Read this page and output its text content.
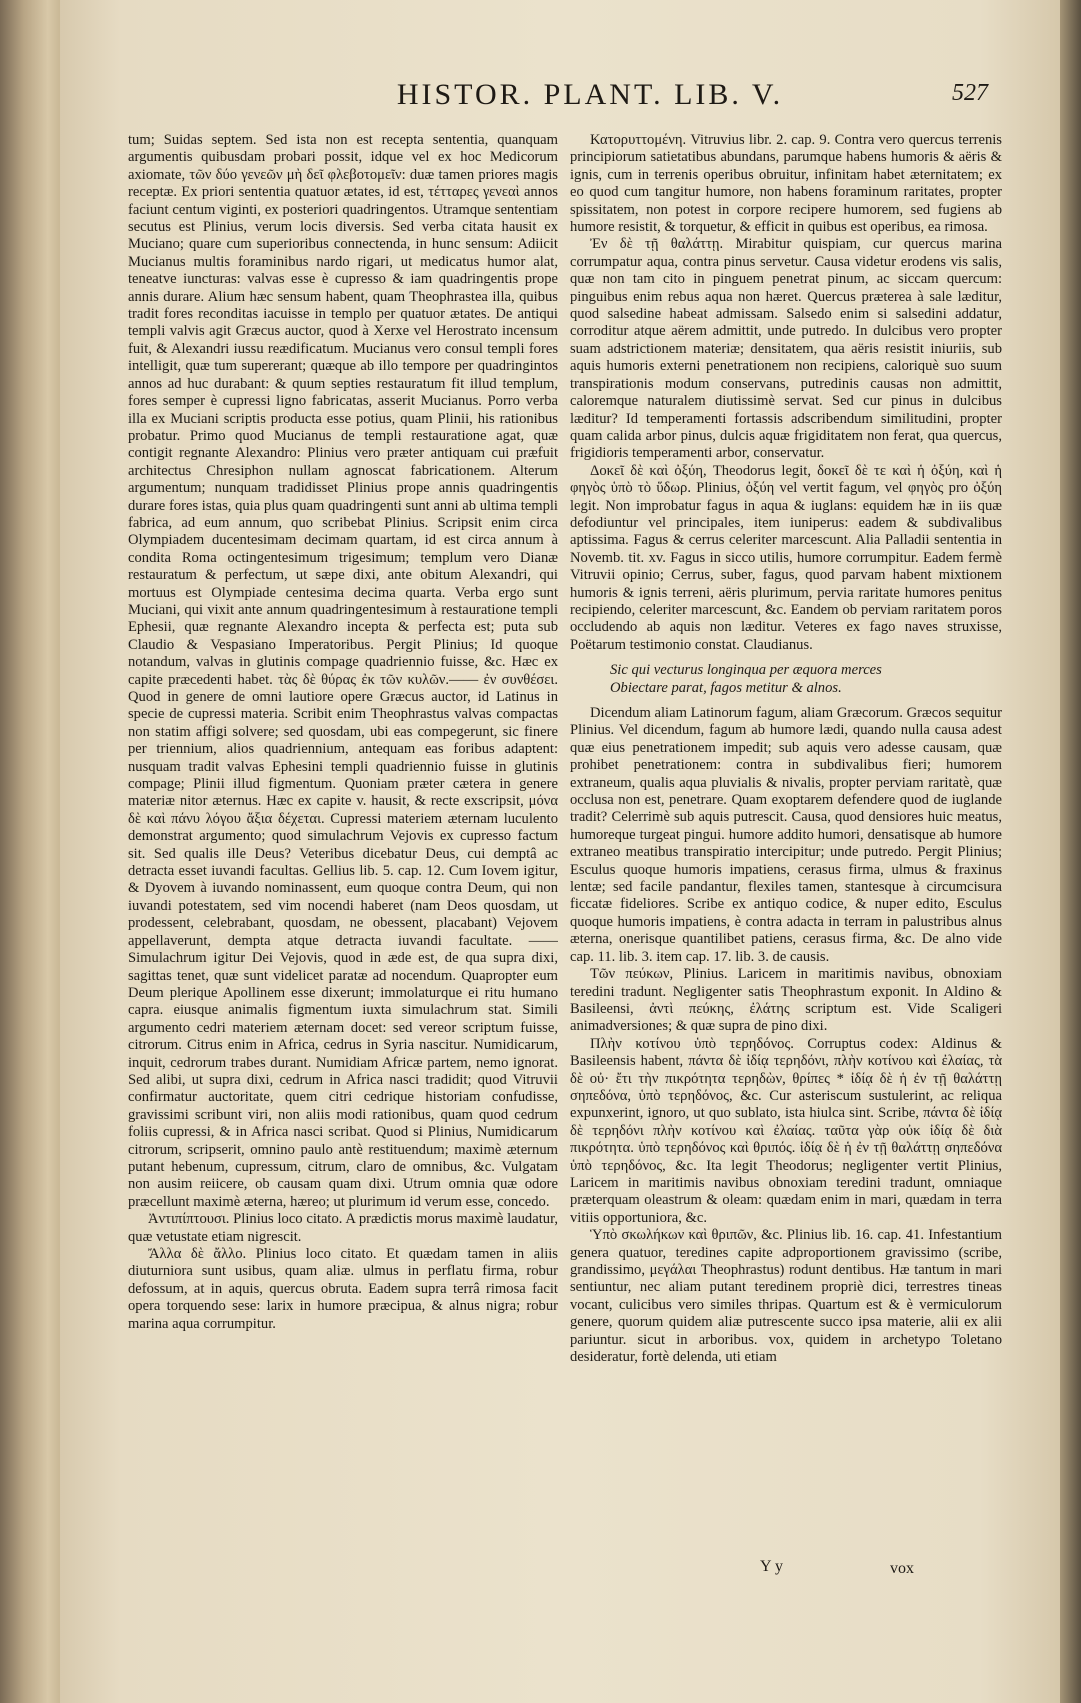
HISTOR. PLANT. LIB. V.	527

tum; Suidas septem. Sed ista non est recepta sententia, quanquam argumentis quibusdam probari possit, idque vel ex hoc Medicorum axiomate, τῶν δύο γενεῶν μὴ δεῖ φλεβοτομεῖν: duæ tamen priores magis receptæ. Ex priori sententia quatuor ætates, id est, τέτταρες γενεαὶ annos faciunt centum viginti, ex posteriori quadringentos. Utramque sententiam secutus est Plinius, verum locis diversis. Sed verba citata hausit ex Muciano; quare cum superioribus connectenda, in hunc sensum: Adiicit Mucianus multis foraminibus nardo rigari, ut medicatus humor alat, teneatve iuncturas: valvas esse è cupresso & iam quadringentis prope annis durare. Alium hæc sensum habent, quam Theophrastea illa, quibus tradit fores reconditas iacuisse in templo per quatuor ætates. De antiqui templi valvis agit Græcus auctor, quod à Xerxe vel Herostrato incensum fuit, & Alexandri iussu reædificatum. Mucianus vero consul templi fores intelligit, quæ tum supererant; quæque ab illo tempore per quadringintos annos ad huc durabant: & quum septies restauratum fit illud templum, fores semper è cupressi ligno fabricatas, asserit Mucianus. Porro verba illa ex Muciani scriptis producta esse potius, quam Plinii, his rationibus probatur. Primo quod Mucianus de templi restauratione agat, quæ contigit regnante Alexandro: Plinius vero præter antiquam cui præfuit architectus Chresiphon nullam agnoscat fabricationem. Alterum argumentum; nunquam tradidisset Plinius prope annis quadringentis durare fores istas, quia plus quam quadringenti sunt anni ab ultima templi fabrica, ad eum annum, quo scribebat Plinius. Scripsit enim circa Olympiadem ducentesimam decimam quartam, id est circa annum à condita Roma octingentesimum trigesimum; templum vero Dianæ restauratum & perfectum, ut sæpe dixi, ante obitum Alexandri, qui mortuus est Olympiade centesima decima quarta. Verba ergo sunt Muciani, qui vixit ante annum quadringentesimum à restauratione templi Ephesii, quæ regnante Alexandro incepta & perfecta est; puta sub Claudio & Vespasiano Imperatoribus. Pergit Plinius; Id quoque notandum, valvas in glutinis compage quadriennio fuisse, &c. Hæc ex capite præcedenti habet. τὰς δὲ θύρας ἐκ τῶν κυλῶν.—— ἐν συνθέσει. Quod in genere de omni lautiore opere Græcus auctor, id Latinus in specie de cupressi materia. Scribit enim Theophrastus valvas compactas non statim affigi solvere; sed quosdam, ubi eas compegerunt, sic finere per triennium, alios quadriennium, antequam eas foribus adaptent: nusquam tradit valvas Ephesini templi quadriennio fuisse in glutinis compage; Plinii illud figmentum. Quoniam præter cætera in genere materiæ nitor æternus. Hæc ex capite v. hausit, & recte exscripsit, μόνα δὲ καὶ πάνυ λόγου ἄξια δέχεται. Cupressi materiem æternam luculento demonstrat argumento; quod simulachrum Vejovis ex cupresso factum sit. Sed qualis ille Deus? Veteribus dicebatur Deus, cui demptâ ac detracta esset iuvandi facultas. Gellius lib. 5. cap. 12. Cum Iovem igitur, & Dyovem à iuvando nominassent, eum quoque contra Deum, qui non iuvandi potestatem, sed vim nocendi haberet (nam Deos quosdam, ut prodessent, celebrabant, quosdam, ne obessent, placabant) Vejovem appellaverunt, dempta atque detracta iuvandi facultate. —— Simulachrum igitur Dei Vejovis, quod in æde est, de qua supra dixi, sagittas tenet, quæ sunt videlicet paratæ ad nocendum. Quapropter eum Deum plerique Apollinem esse dixerunt; immolaturque ei ritu humano capra. eiusque animalis figmentum iuxta simulachrum stat. Simili argumento cedri materiem æternam docet: sed vereor scriptum fuisse, citrorum. Citrus enim in Africa, cedrus in Syria nascitur. Numidicarum, inquit, cedrorum trabes durant. Numidiam Africæ partem, nemo ignorat. Sed alibi, ut supra dixi, cedrum in Africa nasci tradidit; quod Vitruvii confirmatur auctoritate, quem citri cedrique historiam confudisse, gravissimi scribunt viri, non aliis modi rationibus, quam quod cedrum foliis cupressi, & in Africa nasci scribat. Quod si Plinius, Numidicarum citrorum, scripserit, omnino paulo antè restituendum; maximè æternum putant hebenum, cupressum, citrum, claro de omnibus, &c. Vulgatam non ausim reiicere, ob causam quam dixi. Utrum omnia quæ odore præcellunt maximè æterna, hæreo; ut plurimum id verum esse, concedo.

Ἀντιπίπτουσι. Plinius loco citato. A prædictis morus maximè laudatur, quæ vetustate etiam nigrescit.

Ἄλλα δὲ ἄλλο. Plinius loco citato. Et quædam tamen in aliis diuturniora sunt usibus, quam aliæ. ulmus in perflatu firma, robur defossum, at in aquis, quercus obruta. Eadem supra terrâ rimosa facit opera torquendo sese: larix in humore præcipua, & alnus nigra; robur marina aqua corrumpitur.

Κατορυττομένη. Vitruvius libr. 2. cap. 9. Contra vero quercus terrenis principiorum satietatibus abundans, parumque habens humoris & aëris & ignis, cum in terrenis operibus obruitur, infinitam habet æternitatem; ex eo quod cum tangitur humore, non habens foraminum raritates, propter spissitatem, non potest in corpore recipere humorem, sed fugiens ab humore resistit, & torquetur, & efficit in quibus est operibus, ea rimosa.

Ἐν δὲ τῇ θαλάττῃ. Mirabitur quispiam, cur quercus marina corrumpatur aqua, contra pinus servetur. Causa videtur erodens vis salis, quæ non tam cito in pinguem penetrat pinum, ac siccam quercum: pinguibus enim rebus aqua non hæret. Quercus præterea à sale læditur, quod salsedine habeat admissam. Salsedo enim si salsedini addatur, corroditur atque aërem admittit, unde putredo. In dulcibus vero propter suam adstrictionem materiæ; densitatem, qua aëris resistit iniuriis, sub aquis humoris externi penetrationem non recipiens, caloriquè suo suum transpirationis modum conservans, putredinis causas non admittit, caloremque naturalem diutissimè servat. Sed cur pinus in dulcibus læditur? Id temperamenti fortassis adscribendum similitudini, propter quam calida arbor pinus, dulcis aquæ frigiditatem non ferat, qua quercus, frigidioris temperamenti arbor, conservatur.

Δοκεῖ δὲ καὶ ὀξύη, Theodorus legit, δοκεῖ δὲ τε καὶ ἡ ὀξύη, καὶ ἡ φηγὸς ὑπὸ τὸ ὕδωρ. Plinius, ὀξύη vel vertit fagum, vel φηγὸς pro ὀξύη legit. Non improbatur fagus in aqua & iuglans: equidem hæ in iis quæ defodiuntur vel principales, item iuniperus: eadem & subdivalibus aptissima. Fagus & cerrus celeriter marcescunt. Alia Palladii sententia in Novemb. tit. xv. Fagus in sicco utilis, humore corrumpitur. Eadem fermè Vitruvii opinio; Cerrus, suber, fagus, quod parvam habent mixtionem humoris & ignis terreni, aëris plurimum, pervia raritate humores penitus recipiendo, celeriter marcescunt, &c. Eandem ob perviam raritatem poros occludendo ab aquis non læditur. Veteres ex fago naves struxisse, Poëtarum testimonio constat. Claudianus.

Sic qui vecturus longinqua per æquora merces

Obiectare parat, fagos metitur & alnos.

Dicendum aliam Latinorum fagum, aliam Græcorum. Græcos sequitur Plinius. Vel dicendum, fagum ab humore lædi, quando nulla causa adest quæ eius penetrationem impedit; sub aquis vero adesse causam, quæ prohibet penetrationem: contra in subdivalibus fieri; humorem extraneum, qualis aqua pluvialis & nivalis, propter perviam raritatè, quæ occlusa non est, penetrare. Quam exoptarem defendere quod de iuglande tradit? Celerrimè sub aquis putrescit. Causa, quod densiores huic meatus, humoreque turgeat pingui. humore addito humori, densatisque ab humore extraneo meatibus transpiratio intercipitur; unde putredo. Pergit Plinius; Esculus quoque humoris impatiens, cerasus firma, ulmus & fraxinus lentæ; sed facile pandantur, flexiles tamen, stantesque à circumcisura ficcatæ fideliores. Scribe ex antiquo codice, & nuper edito, Esculus quoque humoris impatiens, è contra adacta in terram in palustribus alnus æterna, onerisque quantilibet patiens, cerasus firma, &c. De alno vide cap. 11. lib. 3. item cap. 17. lib. 3. de causis.

Τῶν πεύκων, Plinius. Laricem in maritimis navibus, obnoxiam teredini tradunt. Negligenter satis Theophrastum exponit. In Aldino & Basileensi, ἀντὶ πεύκης, ἐλάτης scriptum est. Vide Scaligeri animadversiones; & quæ supra de pino dixi.

Πλὴν κοτίνου ὑπὸ τερηδόνος. Corruptus codex: Aldinus & Basileensis habent, πάντα δὲ ἰδίᾳ τερηδόνι, πλὴν κοτίνου καὶ ἐλαίας, τὰ δὲ οὐ· ἔτι τὴν πικρότητα τερηδὼν, θρίπες * ἰδίᾳ δὲ ἡ ἐν τῇ θαλάττῃ σηπεδόνα, ὑπὸ τερηδόνος, &c. Cur asteriscum sustulerint, ac reliqua expunxerint, ignoro, ut quo sublato, ista hiulca sint. Scribe, πάντα δὲ ἰδίᾳ δὲ τερηδόνι πλὴν κοτίνου καὶ ἐλαίας. ταῦτα γὰρ οὐκ ἰδίᾳ δὲ διὰ πικρότητα. ὑπὸ τερηδόνος καὶ θριπός. ἰδίᾳ δὲ ἡ ἐν τῇ θαλάττῃ σηπεδόνα ὑπὸ τερηδόνος, &c. Ita legit Theodorus; negligenter vertit Plinius, Laricem in maritimis navibus obnoxiam teredini tradunt, omniaque præterquam oleastrum & oleam: quædam enim in mari, quædam in terra vitiis opportuniora, &c.

Ὑπὸ σκωλήκων καὶ θριπῶν, &c. Plinius lib. 16. cap. 41. Infestantium genera quatuor, teredines capite adproportionem gravissimo (scribe, grandissimo, μεγάλαι Theophrastus) rodunt dentibus. Hæ tantum in mari sentiuntur, nec aliam putant teredinem propriè dici, terrestres tineas vocant, culicibus vero similes thripas. Quartum est & è vermiculorum genere, quorum quidem aliæ putrescente succo ipsa materie, alii ex alii pariuntur. sicut in arboribus. vox, quidem in archetypo Toletano desideratur, fortè delenda, uti etiam

Y y	vox
